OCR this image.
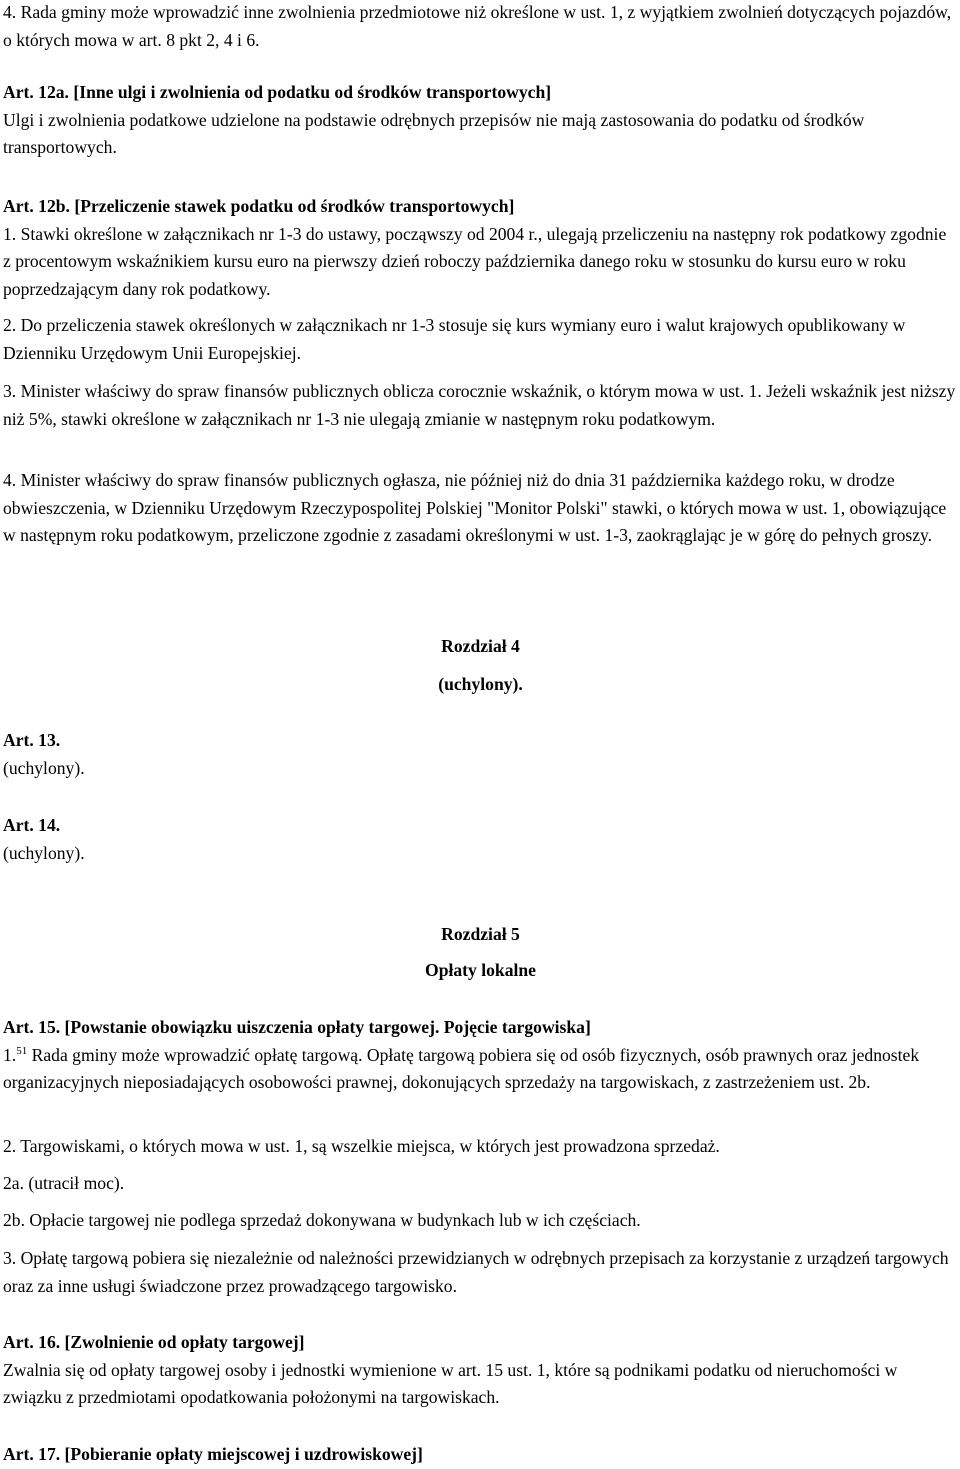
4. Rada gminy może wprowadzić inne zwolnienia przedmiotowe niż określone w ust. 1, z wyjątkiem zwolnień dotyczących pojazdów, o których mowa w art. 8 pkt 2, 4 i 6.

Art. 12a. [Inne ulgi i zwolnienia od podatku od środków transportowych]
Ulgi i zwolnienia podatkowe udzielone na podstawie odrębnych przepisów nie mają zastosowania do podatku od środków transportowych.

Art. 12b. [Przeliczenie stawek podatku od środków transportowych]
1. Stawki określone w załącznikach nr 1-3 do ustawy, począwszy od 2004 r., ulegają przeliczeniu na następny rok podatkowy zgodnie z procentowym wskaźnikiem kursu euro na pierwszy dzień roboczy października danego roku w stosunku do kursu euro w roku poprzedzającym dany rok podatkowy.

2. Do przeliczenia stawek określonych w załącznikach nr 1-3 stosuje się kurs wymiany euro i walut krajowych opublikowany w Dzienniku Urzędowym Unii Europejskiej.

3. Minister właściwy do spraw finansów publicznych oblicza corocznie wskaźnik, o którym mowa w ust. 1. Jeżeli wskaźnik jest niższy niż 5%, stawki określone w załącznikach nr 1-3 nie ulegają zmianie w następnym roku podatkowym.

4. Minister właściwy do spraw finansów publicznych ogłasza, nie później niż do dnia 31 października każdego roku, w drodze obwieszczenia, w Dzienniku Urzędowym Rzeczypospolitej Polskiej "Monitor Polski" stawki, o których mowa w ust. 1, obowiązujące w następnym roku podatkowym, przeliczone zgodnie z zasadami określonymi w ust. 1-3, zaokrąglając je w górę do pełnych groszy.

Rozdział 4

(uchylony).

Art. 13.
(uchylony).

Art. 14.
(uchylony).

Rozdział 5

Opłaty lokalne

Art. 15. [Powstanie obowiązku uiszczenia opłaty targowej. Pojęcie targowiska]
1.51 Rada gminy może wprowadzić opłatę targową. Opłatę targową pobiera się od osób fizycznych, osób prawnych oraz jednostek organizacyjnych nieposiadających osobowości prawnej, dokonujących sprzedaży na targowiskach, z zastrzeżeniem ust. 2b.

2. Targowiskami, o których mowa w ust. 1, są wszelkie miejsca, w których jest prowadzona sprzedaż.

2a. (utracił moc).

2b. Opłacie targowej nie podlega sprzedaż dokonywana w budynkach lub w ich częściach.

3. Opłatę targową pobiera się niezależnie od należności przewidzianych w odrębnych przepisach za korzystanie z urządzeń targowych oraz za inne usługi świadczone przez prowadzącego targowisko.

Art. 16. [Zwolnienie od opłaty targowej]
Zwalnia się od opłaty targowej osoby i jednostki wymienione w art. 15 ust. 1, które są podnikami podatku od nieruchomości w związku z przedmiotami opodatkowania położonymi na targowiskach.

Art. 17. [Pobieranie opłaty miejscowej i uzdrowiskowej]
